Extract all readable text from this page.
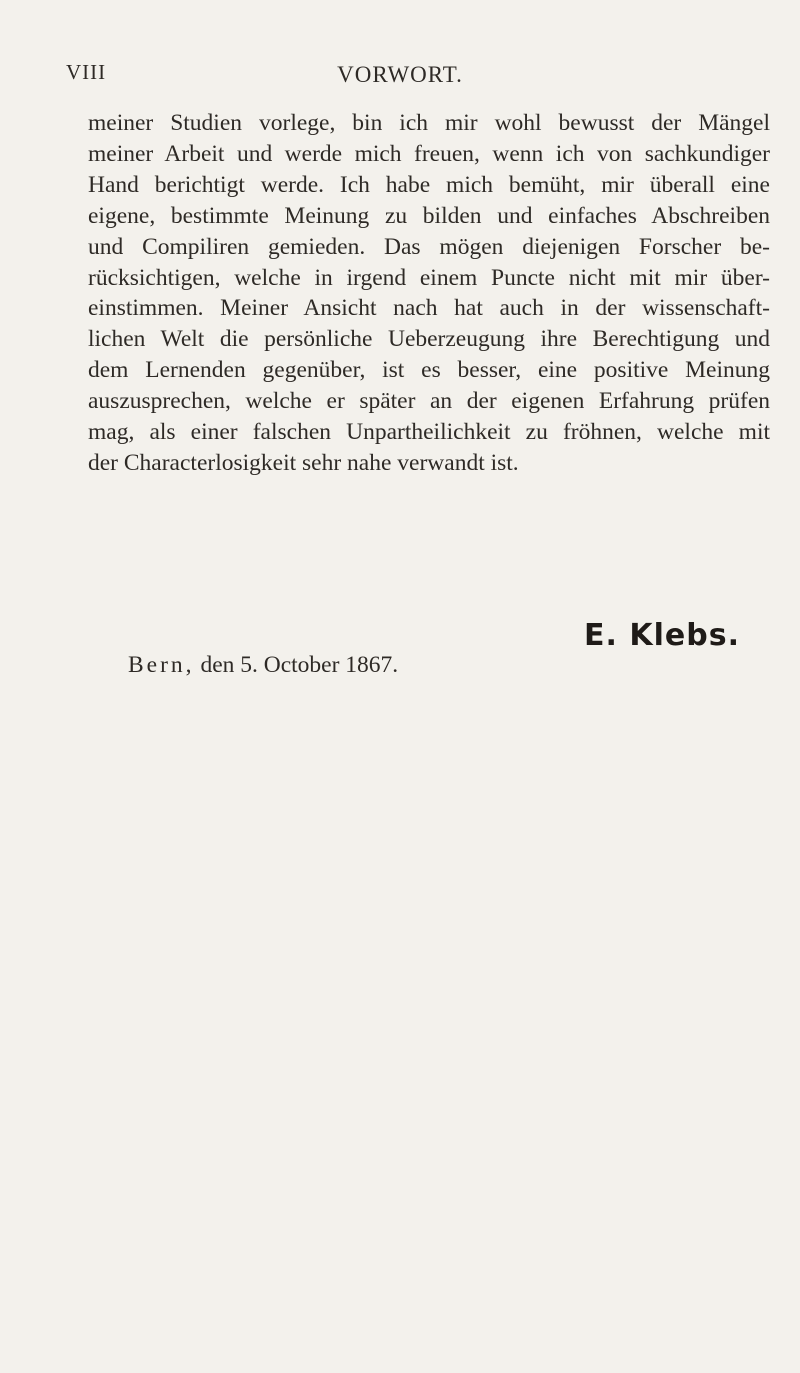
VIII	VORWORT.
meiner Studien vorlege, bin ich mir wohl bewusst der Mängel
meiner Arbeit und werde mich freuen, wenn ich von sachkundiger
Hand berichtigt werde. Ich habe mich bemüht, mir überall eine
eigene, bestimmte Meinung zu bilden und einfaches Abschreiben
und Compiliren gemieden. Das mögen diejenigen Forscher be-
rücksichtigen, welche in irgend einem Puncte nicht mit mir über-
einstimmen. Meiner Ansicht nach hat auch in der wissenschaft-
lichen Welt die persönliche Ueberzeugung ihre Berechtigung und
dem Lernenden gegenüber, ist es besser, eine positive Meinung
auszusprechen, welche er später an der eigenen Erfahrung prüfen
mag, als einer falschen Unpartheilichkeit zu fröhnen, welche mit
der Characterlosigkeit sehr nahe verwandt ist.
Bern, den 5. October 1867.
E. Klebs.
